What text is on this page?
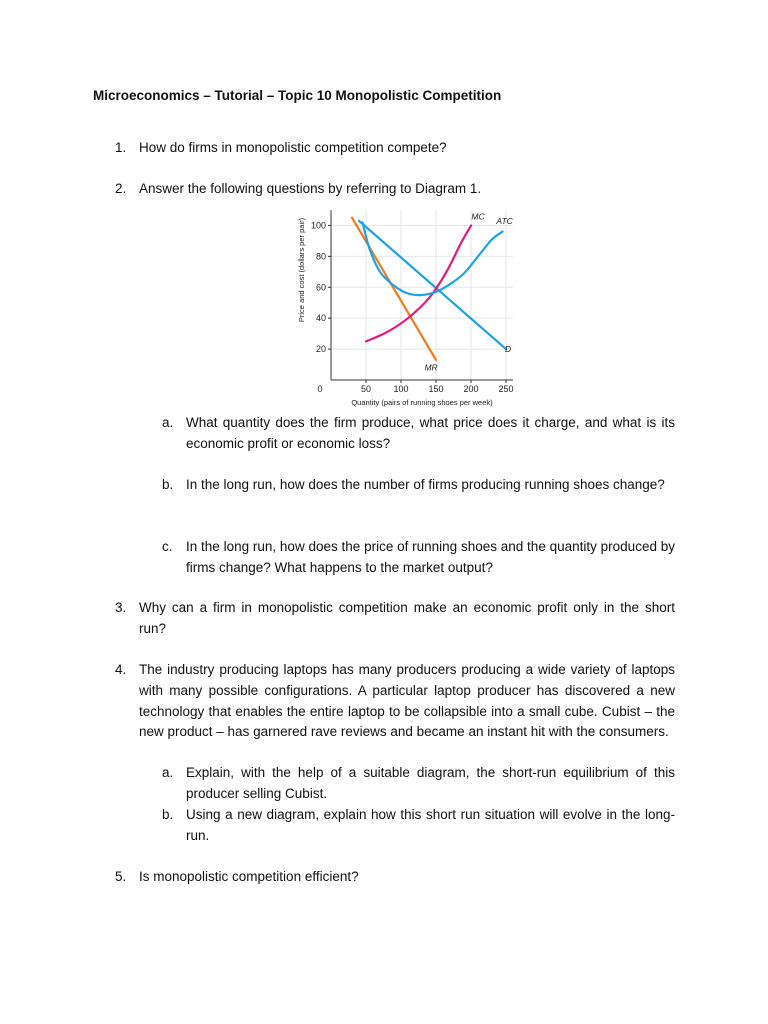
Microeconomics – Tutorial – Topic 10 Monopolistic Competition
1. How do firms in monopolistic competition compete?
2. Answer the following questions by referring to Diagram 1.
50 100 150 200 250
20
40
60
80
100
0
Quantity (pairs of running shoes per week)
Price and cost (dollars per pair)
MC ATC
D
MR
a. What quantity does the firm produce, what price does it charge, and what is its economic profit or economic loss?
b. In the long run, how does the number of firms producing running shoes change?
c. In the long run, how does the price of running shoes and the quantity produced by firms change? What happens to the market output?
3. Why can a firm in monopolistic competition make an economic profit only in the short run?
4. The industry producing laptops has many producers producing a wide variety of laptops with many possible configurations. A particular laptop producer has discovered a new technology that enables the entire laptop to be collapsible into a small cube. Cubist – the new product – has garnered rave reviews and became an instant hit with the consumers.
a. Explain, with the help of a suitable diagram, the short-run equilibrium of this producer selling Cubist.
b. Using a new diagram, explain how this short run situation will evolve in the long-run.
5. Is monopolistic competition efficient?
